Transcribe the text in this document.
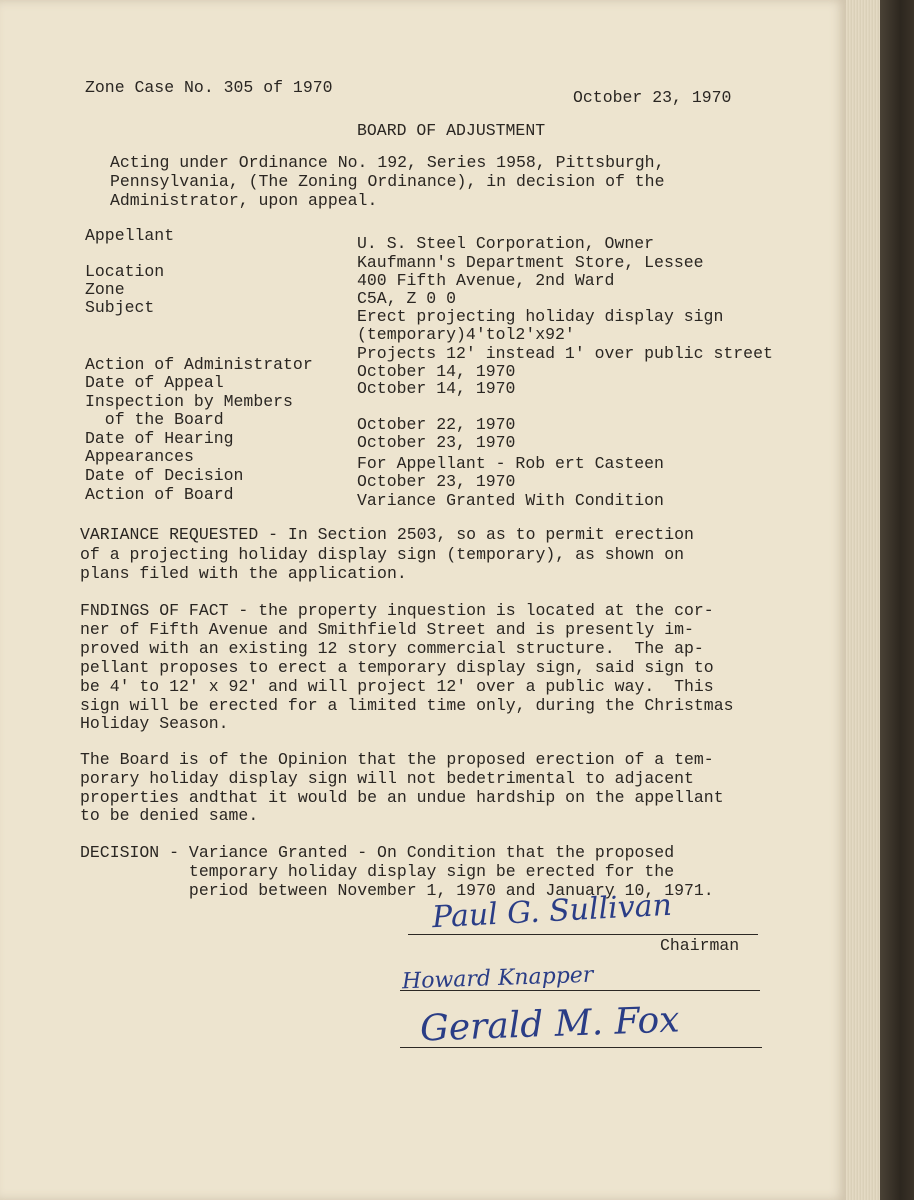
Zone Case No. 305 of 1970
October 23, 1970
BOARD OF ADJUSTMENT
Acting under Ordinance No. 192, Series 1958, Pittsburgh,
Pennsylvania, (The Zoning Ordinance), in decision of the
Administrator, upon appeal.
Appellant	U. S. Steel Corporation, Owner
Kaufmann's Department Store, Lessee
Location	400 Fifth Avenue, 2nd Ward
Zone	C5A, Z 0 0
Subject	Erect projecting holiday display sign
(temporary)4'tol2'x92'
Projects 12' instead 1' over public street
Action of Administrator	October 14, 1970
Date of Appeal	October 14, 1970
Inspection by Members
of the Board	October 22, 1970
Date of Hearing	October 23, 1970
Appearances	For Appellant - Rob ert Casteen
Date of Decision	October 23, 1970
Action of Board	Variance Granted With Condition
VARIANCE REQUESTED - In Section 2503, so as to permit erection
of a projecting holiday display sign (temporary), as shown on
plans filed with the application.
FNDINGS OF FACT - the property inquestion is located at the cor-
ner of Fifth Avenue and Smithfield Street and is presently im-
proved with an existing 12 story commercial structure.  The ap-
pellant proposes to erect a temporary display sign, said sign to
be 4' to 12' x 92' and will project 12' over a public way.  This
sign will be erected for a limited time only, during the Christmas
Holiday Season.
The Board is of the Opinion that the proposed erection of a tem-
porary holiday display sign will not bedetrimental to adjacent
properties andthat it would be an undue hardship on the appellant
to be denied same.
DECISION - Variance Granted - On Condition that the proposed
temporary holiday display sign be erected for the
period between November 1, 1970 and January 10, 1971.
Paul G. Sullivan
Chairman
Howard Knapper
Gerald M. Fox
